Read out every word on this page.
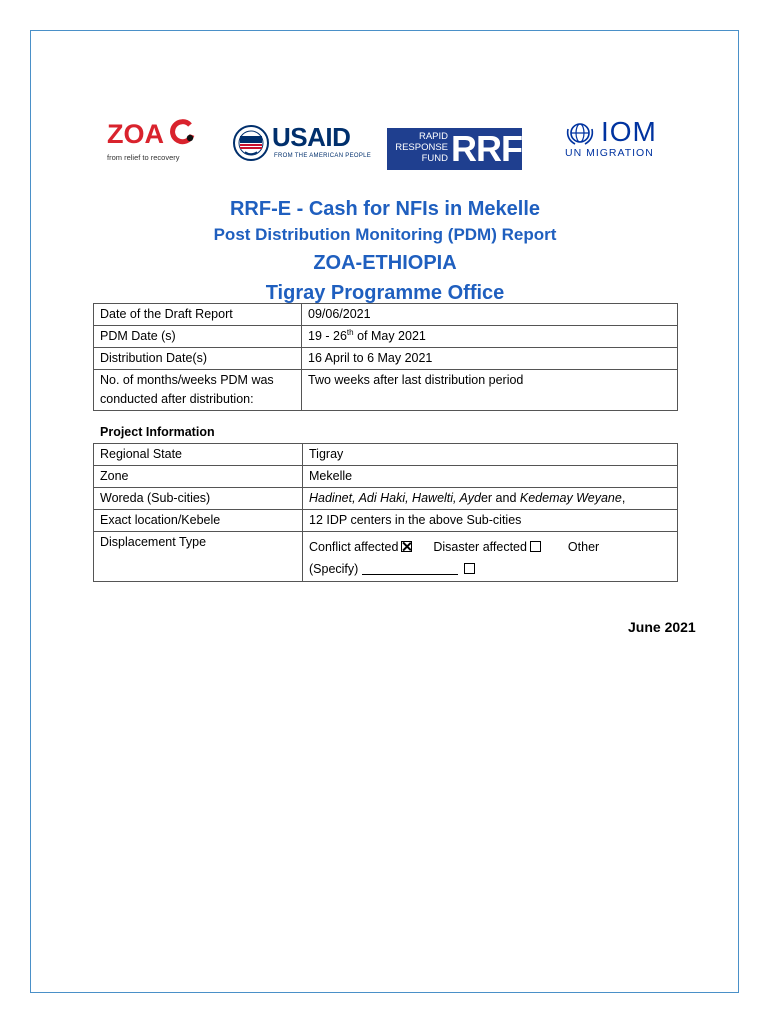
ZOA
from relief to recovery
USAID
FROM THE AMERICAN PEOPLE
RAPID
RESPONSE
FUND RRF	IOM
UN MIGRATION
RRF-E - Cash for NFIs in Mekelle
Post Distribution Monitoring (PDM) Report
ZOA-ETHIOPIA
Tigray Programme Office
Date of the Draft Report	09/06/2021
PDM Date (s)	19 - 26th of May 2021
Distribution Date(s)	16 April to 6 May 2021
No. of months/weeks PDM was conducted after distribution:	Two weeks after last distribution period
Project Information
Regional State	Tigray
Zone	Mekelle
Woreda (Sub-cities)	Hadinet, Adi Haki, Hawelti, Ayder and Kedemay Weyane,
Exact location/Kebele	12 IDP centers in the above Sub-cities
Displacement Type	Conflict affected Disaster affected Other
(Specify)
June 2021
